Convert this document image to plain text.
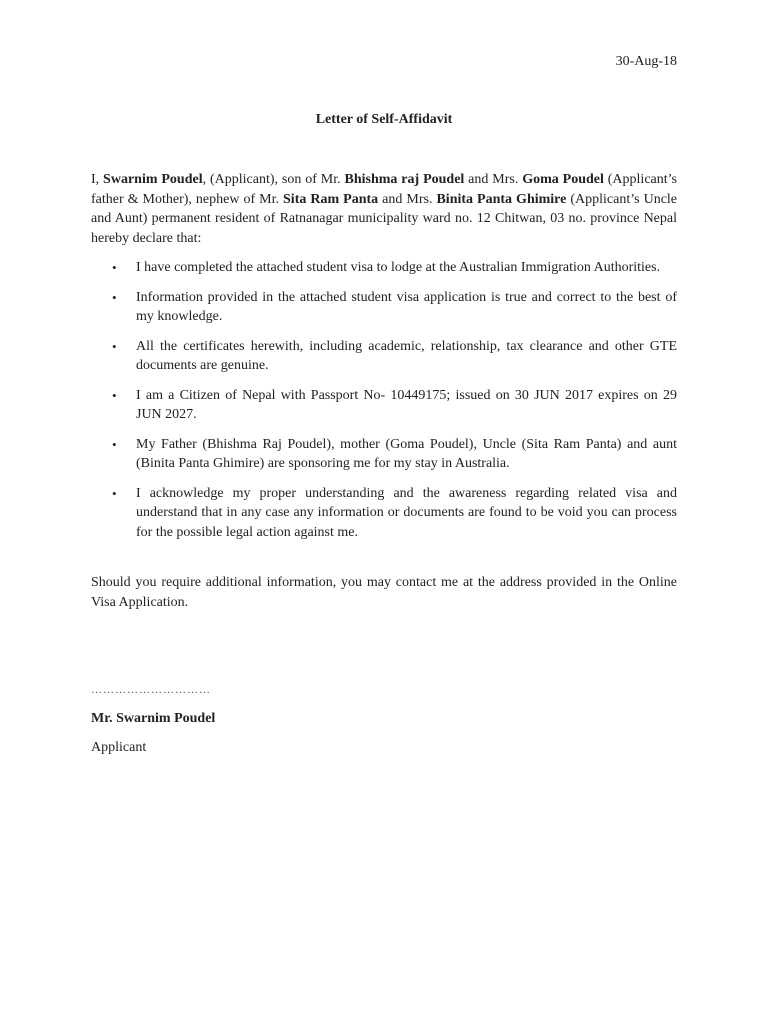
30-Aug-18
Letter of Self-Affidavit
I, Swarnim Poudel, (Applicant), son of Mr. Bhishma raj Poudel and Mrs. Goma Poudel (Applicant’s father & Mother), nephew of Mr. Sita Ram Panta and Mrs. Binita Panta Ghimire (Applicant’s Uncle and Aunt) permanent resident of Ratnanagar municipality ward no. 12 Chitwan, 03 no. province Nepal hereby declare that:
• I have completed the attached student visa to lodge at the Australian Immigration Authorities.
• Information provided in the attached student visa application is true and correct to the best of my knowledge.
• All the certificates herewith, including academic, relationship, tax clearance and other GTE documents are genuine.
• I am a Citizen of Nepal with Passport No- 10449175; issued on 30 JUN 2017 expires on 29 JUN 2027.
• My Father (Bhishma Raj Poudel), mother (Goma Poudel), Uncle (Sita Ram Panta) and aunt (Binita Panta Ghimire) are sponsoring me for my stay in Australia.
• I acknowledge my proper understanding and the awareness regarding related visa and understand that in any case any information or documents are found to be void you can process for the possible legal action against me.
Should you require additional information, you may contact me at the address provided in the Online Visa Application.
…………………………
Mr. Swarnim Poudel
Applicant
